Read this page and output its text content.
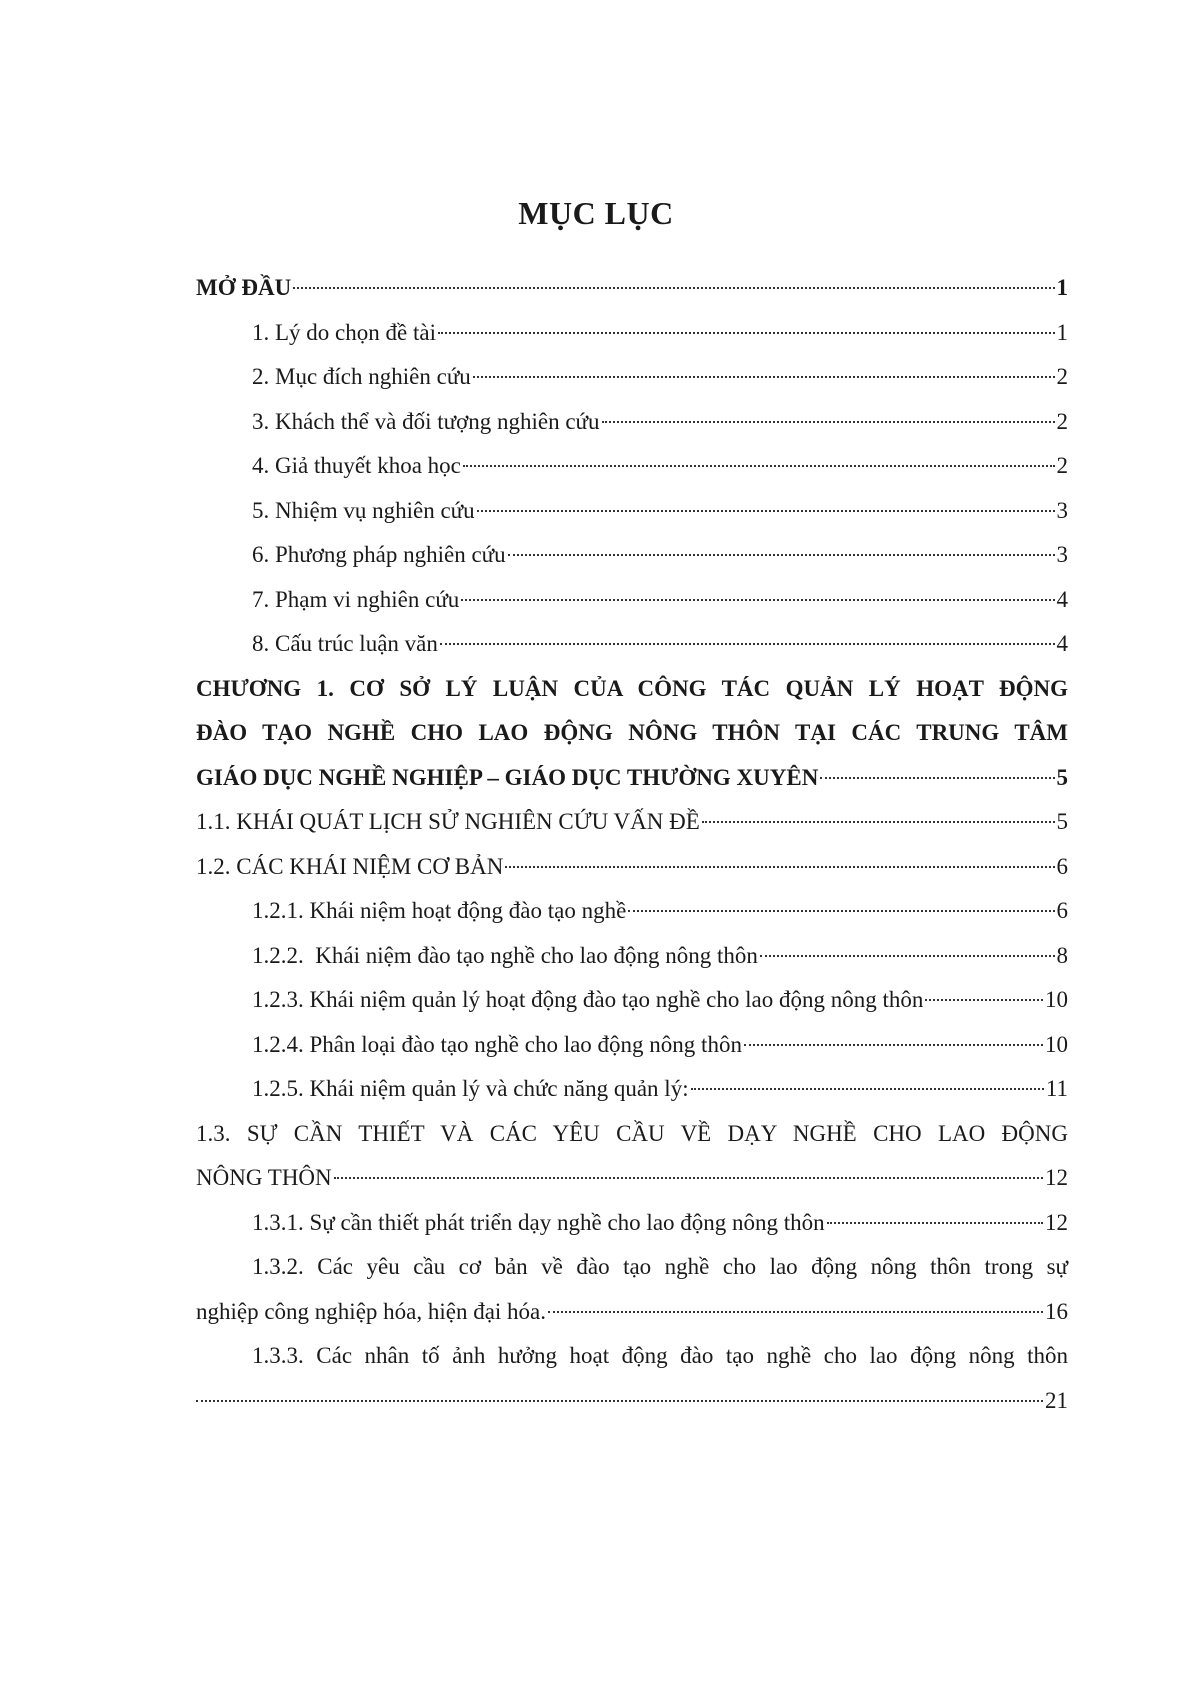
MỤC LỤC
MỞ ĐẦU	1
1. Lý do chọn đề tài	1
2. Mục đích nghiên cứu	2
3. Khách thể và đối tượng nghiên cứu	2
4. Giả thuyết khoa học	2
5. Nhiệm vụ nghiên cứu	3
6. Phương pháp nghiên cứu	3
7. Phạm vi nghiên cứu	4
8. Cấu trúc luận văn	4
CHƯƠNG 1. CƠ SỞ LÝ LUẬN CỦA CÔNG TÁC QUẢN LÝ HOẠT ĐỘNG
ĐÀO TẠO NGHỀ CHO LAO ĐỘNG NÔNG THÔN TẠI CÁC TRUNG TÂM
GIÁO DỤC NGHỀ NGHIỆP – GIÁO DỤC THƯỜNG XUYÊN	5
1.1. KHÁI QUÁT LỊCH SỬ NGHIÊN CỨU VẤN ĐỀ	5
1.2. CÁC KHÁI NIỆM CƠ BẢN	6
1.2.1. Khái niệm hoạt động đào tạo nghề	6
1.2.2.  Khái niệm đào tạo nghề cho lao động nông thôn	8
1.2.3. Khái niệm quản lý hoạt động đào tạo nghề cho lao động nông thôn	10
1.2.4. Phân loại đào tạo nghề cho lao động nông thôn	10
1.2.5. Khái niệm quản lý và chức năng quản lý:	11
1.3. SỰ CẦN THIẾT VÀ CÁC YÊU CẦU VỀ DẠY NGHỀ CHO LAO ĐỘNG
NÔNG THÔN	12
1.3.1. Sự cần thiết phát triển dạy nghề cho lao động nông thôn	12
1.3.2. Các yêu cầu cơ bản về đào tạo nghề cho lao động nông thôn trong sự
nghiệp công nghiệp hóa, hiện đại hóa.	16
1.3.3. Các nhân tố ảnh hưởng hoạt động đào tạo nghề cho lao động nông thôn
21
